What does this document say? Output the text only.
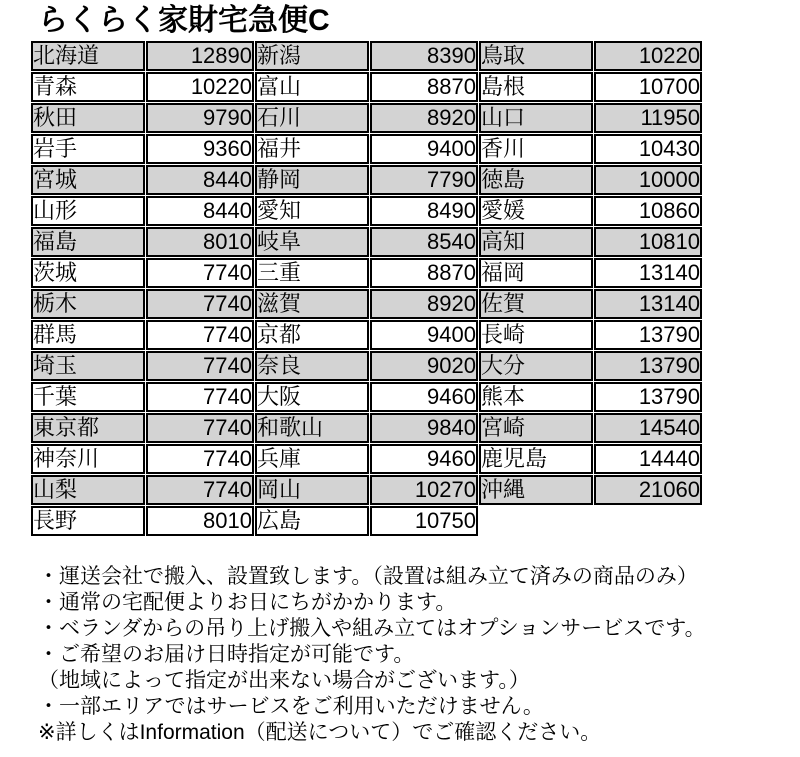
らくらく家財宅急便C
北海道	12890	新潟	8390	鳥取	10220
青森	10220	富山	8870	島根	10700
秋田	9790	石川	8920	山口	11950
岩手	9360	福井	9400	香川	10430
宮城	8440	静岡	7790	徳島	10000
山形	8440	愛知	8490	愛媛	10860
福島	8010	岐阜	8540	高知	10810
茨城	7740	三重	8870	福岡	13140
栃木	7740	滋賀	8920	佐賀	13140
群馬	7740	京都	9400	長崎	13790
埼玉	7740	奈良	9020	大分	13790
千葉	7740	大阪	9460	熊本	13790
東京都	7740	和歌山	9840	宮崎	14540
神奈川	7740	兵庫	9460	鹿児島	14440
山梨	7740	岡山	10270	沖縄	21060
長野	8010	広島	10750		
・運送会社で搬入、設置致します。（設置は組み立て済みの商品のみ）
・通常の宅配便よりお日にちがかかります。
・ベランダからの吊り上げ搬入や組み立てはオプションサービスです。
・ご希望のお届け日時指定が可能です。
（地域によって指定が出来ない場合がございます。）
・一部エリアではサービスをご利用いただけません。
※詳しくはInformation（配送について）でご確認ください。
